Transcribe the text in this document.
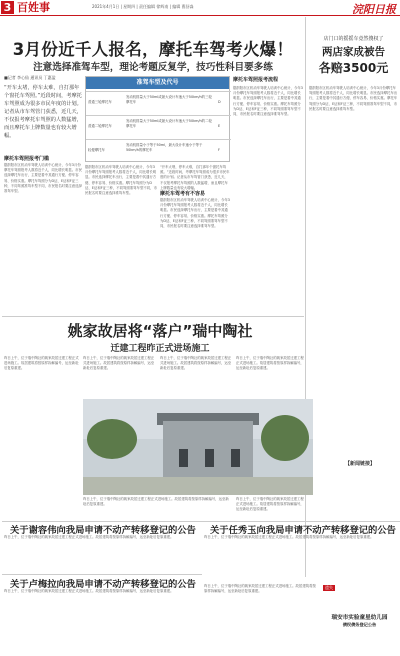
3 百姓事	2021年4月1日 | 星期四 | 责任编辑 徐辉南 | 编辑 曹舒淼	浣阳日报
3月份近千人报名，摩托车驾考火爆！
注意选择准驾车型，理论考题反复学，技巧性科目要多练
■记者 李心仙 通讯员 丁惠盈
“开车太堵，停车太难，自打那年个窗托车驾照。”近段时间，考摩托车驾照成为很多市民年度的计划。记者从市车驾管门获悉，近几天，不仅报考摩托车驾照的人数猛增，而且摩托车上牌数量也有较大增幅。
准驾车型及代号
普通三轮摩托车
发动机排量大于50ml或最大设计车速大于50km/h的三轮摩托车	D
普通二轮摩托车
发动机排量大于50ml或最大设计车速大于50km/h的二轮摩托车	E
轻便摩托车
发动机排量小于等于50ml，最大设计车速小于等于50km/h的摩托车	F
摩托车驾照报考流程
据浙阳市区机动车驾驶人培训中心统计，今年3月份摩托车驾照报考人数将近千人，同比增长明显。市民选择摩托车出行，主要是看中其通行方便、停车容易、价格实惠。摩托车驾照分为D证、E证和F证三种，不同驾照准驾车型不同，市民报名时要注意选择准驾车型。
摩托车驾照报考门槛
据浙阳市区机动车驾驶人培训中心统计，今年3月份摩托车驾照报考人数将近千人，同比增长明显。市民选择摩托车出行，主要是看中其通行方便、停车容易、价格实惠。摩托车驾照分为D证、E证和F证三种，不同驾照准驾车型不同，市民报名时要注意选择准驾车型。
据浙阳市区机动车驾驶人培训中心统计，今年3月份摩托车驾照报考人数将近千人，同比增长明显。市民选择摩托车出行，主要是看中其通行方便、停车容易、价格实惠。摩托车驾照分为D证、E证和F证三种，不同驾照准驾车型不同，市民报名时要注意选择准驾车型。	摩托车驾考有不容易
据浙阳市区机动车驾驶人培训中心统计，今年3月份摩托车驾照报考人数将近千人，同比增长明显。市民选择摩托车出行，主要是看中其通行方便、停车容易、价格实惠。摩托车驾照分为D证、E证和F证三种，不同驾照准驾车型不同，市民报名时要注意选择准驾车型。
“开车太堵，停车太难，自打那年个窗托车驾照。”近段时间，考摩托车驾照成为很多市民年度的计划。记者从市车驾管门获悉，近几天，不仅报考摩托车驾照的人数猛增，而且摩托车上牌数量也有较大增幅。
店门口的摇摇车竟然傻权了
两店家成被告
各赔3500元
据浙阳市区机动车驾驶人培训中心统计，今年3月份摩托车驾照报考人数将近千人，同比增长明显。市民选择摩托车出行，主要是看中其通行方便、停车容易、价格实惠。摩托车驾照分为D证、E证和F证三种，不同驾照准驾车型不同，市民报名时要注意选择准驾车型。
【新闻链接】
姚家故居将“落户”瑞中陶社
迁建工程昨正式进场施工
昨日上午，位于瑞中陶社的姚家故居迁建工程正式进场施工。故居建筑将按原样拆解编号，运至新址后复原重建。
昨日上午，位于瑞中陶社的姚家故居迁建工程正式进场施工。故居建筑将按原样拆解编号，运至新址后复原重建。
昨日上午，位于瑞中陶社的姚家故居迁建工程正式进场施工。故居建筑将按原样拆解编号，运至新址后复原重建。
昨日上午，位于瑞中陶社的姚家故居迁建工程正式进场施工。故居建筑将按原样拆解编号，运至新址后复原重建。
昨日上午，位于瑞中陶社的姚家故居迁建工程正式进场施工。故居建筑将按原样拆解编号，运至新址后复原重建。
昨日上午，位于瑞中陶社的姚家故居迁建工程正式进场施工。故居建筑将按原样拆解编号，运至新址后复原重建。
关于谢容伟向我局申请不动产转移登记的公告
昨日上午，位于瑞中陶社的姚家故居迁建工程正式进场施工。故居建筑将按原样拆解编号，运至新址后复原重建。
关于任秀玉向我局申请不动产转移登记的公告
昨日上午，位于瑞中陶社的姚家故居迁建工程正式进场施工。故居建筑将按原样拆解编号，运至新址后复原重建。
关于卢梅拉向我局申请不动产转移登记的公告
昨日上午，位于瑞中陶社的姚家故居迁建工程正式进场施工。故居建筑将按原样拆解编号，运至新址后复原重建。
昨日上午，位于瑞中陶社的姚家故居迁建工程正式进场施工。故居建筑将按原样拆解编号，运至新址后复原重建。
遗失
瑞安市实验童星幼儿园
债权债务登记公告
